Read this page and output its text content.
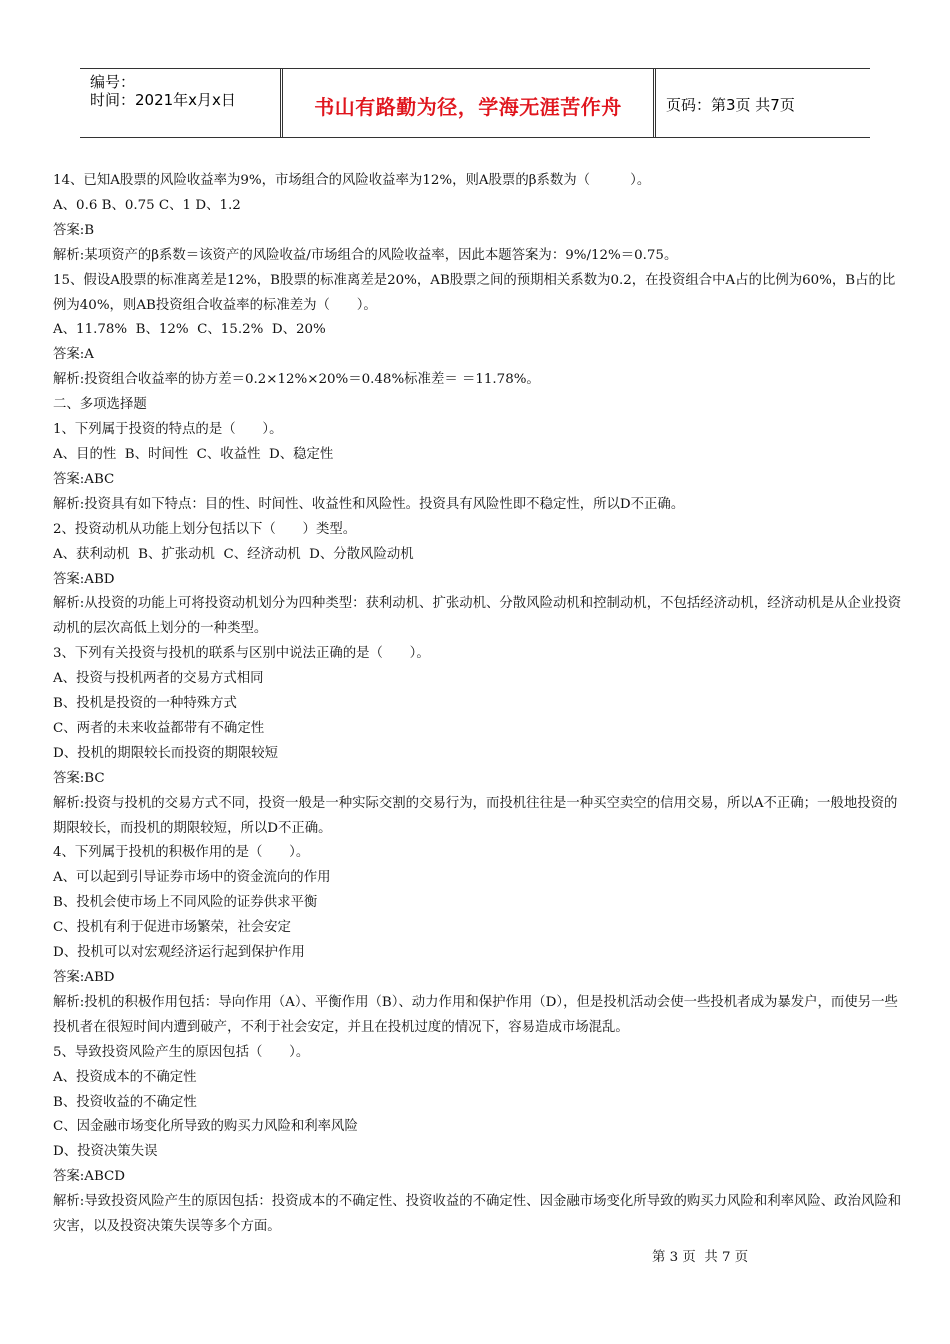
编号：
时间：2021年x月x日	书山有路勤为径，学海无涯苦作舟	页码：第3页 共7页
14、已知A股票的风险收益率为9%，市场组合的风险收益率为12%，则A股票的β系数为（　　　）。
A、0.6 B、0.75 C、1 D、1.2
答案:B
解析:某项资产的β系数＝该资产的风险收益/市场组合的风险收益率，因此本题答案为：9%/12%＝0.75。
15、假设A股票的标准离差是12%，B股票的标准离差是20%，AB股票之间的预期相关系数为0.2，在投资组合中A占的比例为60%，B占的比例为40%，则AB投资组合收益率的标准差为（　　）。
A、11.78%  B、12%  C、15.2%  D、20%
答案:A
解析:投资组合收益率的协方差＝0.2×12%×20%＝0.48%标准差＝ ＝11.78%。
二、多项选择题
1、下列属于投资的特点的是（　　）。
A、目的性  B、时间性  C、收益性  D、稳定性
答案:ABC
解析:投资具有如下特点：目的性、时间性、收益性和风险性。投资具有风险性即不稳定性，所以D不正确。
2、投资动机从功能上划分包括以下（　　）类型。
A、获利动机  B、扩张动机  C、经济动机  D、分散风险动机
答案:ABD
解析:从投资的功能上可将投资动机划分为四种类型：获利动机、扩张动机、分散风险动机和控制动机，不包括经济动机，经济动机是从企业投资动机的层次高低上划分的一种类型。
3、下列有关投资与投机的联系与区别中说法正确的是（　　）。
A、投资与投机两者的交易方式相同
B、投机是投资的一种特殊方式
C、两者的未来收益都带有不确定性
D、投机的期限较长而投资的期限较短
答案:BC
解析:投资与投机的交易方式不同，投资一般是一种实际交割的交易行为，而投机往往是一种买空卖空的信用交易，所以A不正确；一般地投资的期限较长，而投机的期限较短，所以D不正确。
4、下列属于投机的积极作用的是（　　）。
A、可以起到引导证券市场中的资金流向的作用
B、投机会使市场上不同风险的证券供求平衡
C、投机有利于促进市场繁荣，社会安定
D、投机可以对宏观经济运行起到保护作用
答案:ABD
解析:投机的积极作用包括：导向作用（A）、平衡作用（B）、动力作用和保护作用（D），但是投机活动会使一些投机者成为暴发户，而使另一些投机者在很短时间内遭到破产，不利于社会安定，并且在投机过度的情况下，容易造成市场混乱。
5、导致投资风险产生的原因包括（　　）。
A、投资成本的不确定性
B、投资收益的不确定性
C、因金融市场变化所导致的购买力风险和利率风险
D、投资决策失误
答案:ABCD
解析:导致投资风险产生的原因包括：投资成本的不确定性、投资收益的不确定性、因金融市场变化所导致的购买力风险和利率风险、政治风险和灾害，以及投资决策失误等多个方面。
第 3 页  共 7 页
